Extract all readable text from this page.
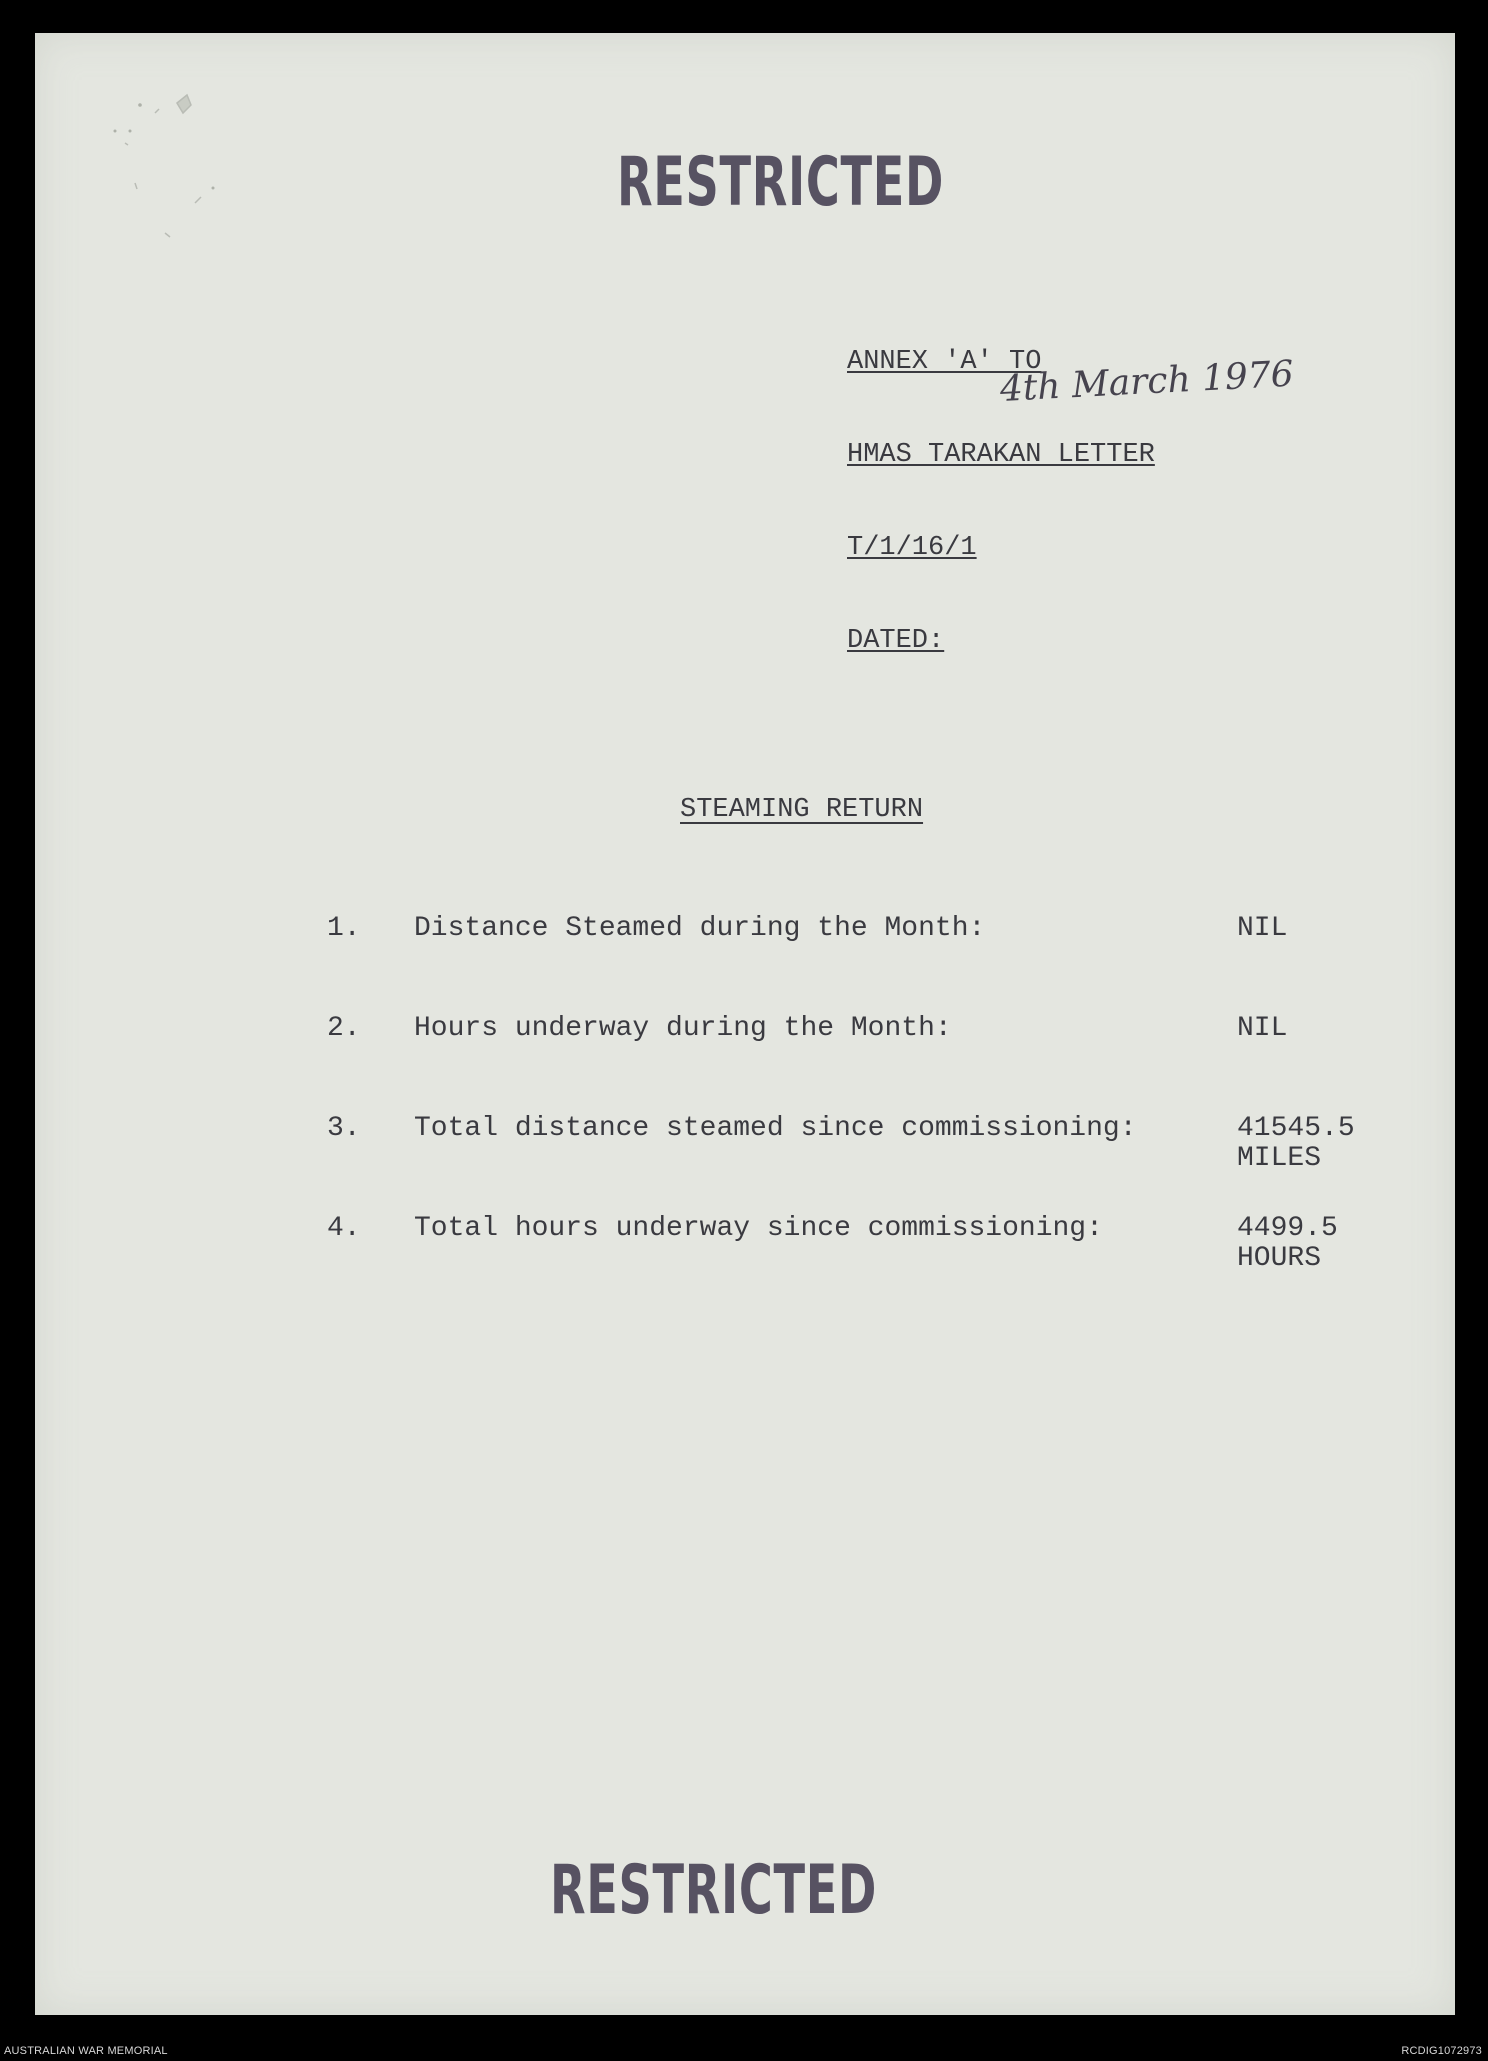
RESTRICTED

ANNEX 'A' TO

HMAS TARAKAN LETTER

T/1/16/1

DATED:

4th March 1976
STEAMING RETURN
1. Distance Steamed during the Month:	NIL
2. Hours underway during the Month:	NIL
3. Total distance steamed since commissioning:	41545.5
MILES
4. Total hours underway since commissioning:	4499.5
HOURS
RESTRICTED
AUSTRALIAN WAR MEMORIAL	RCDIG1072973
